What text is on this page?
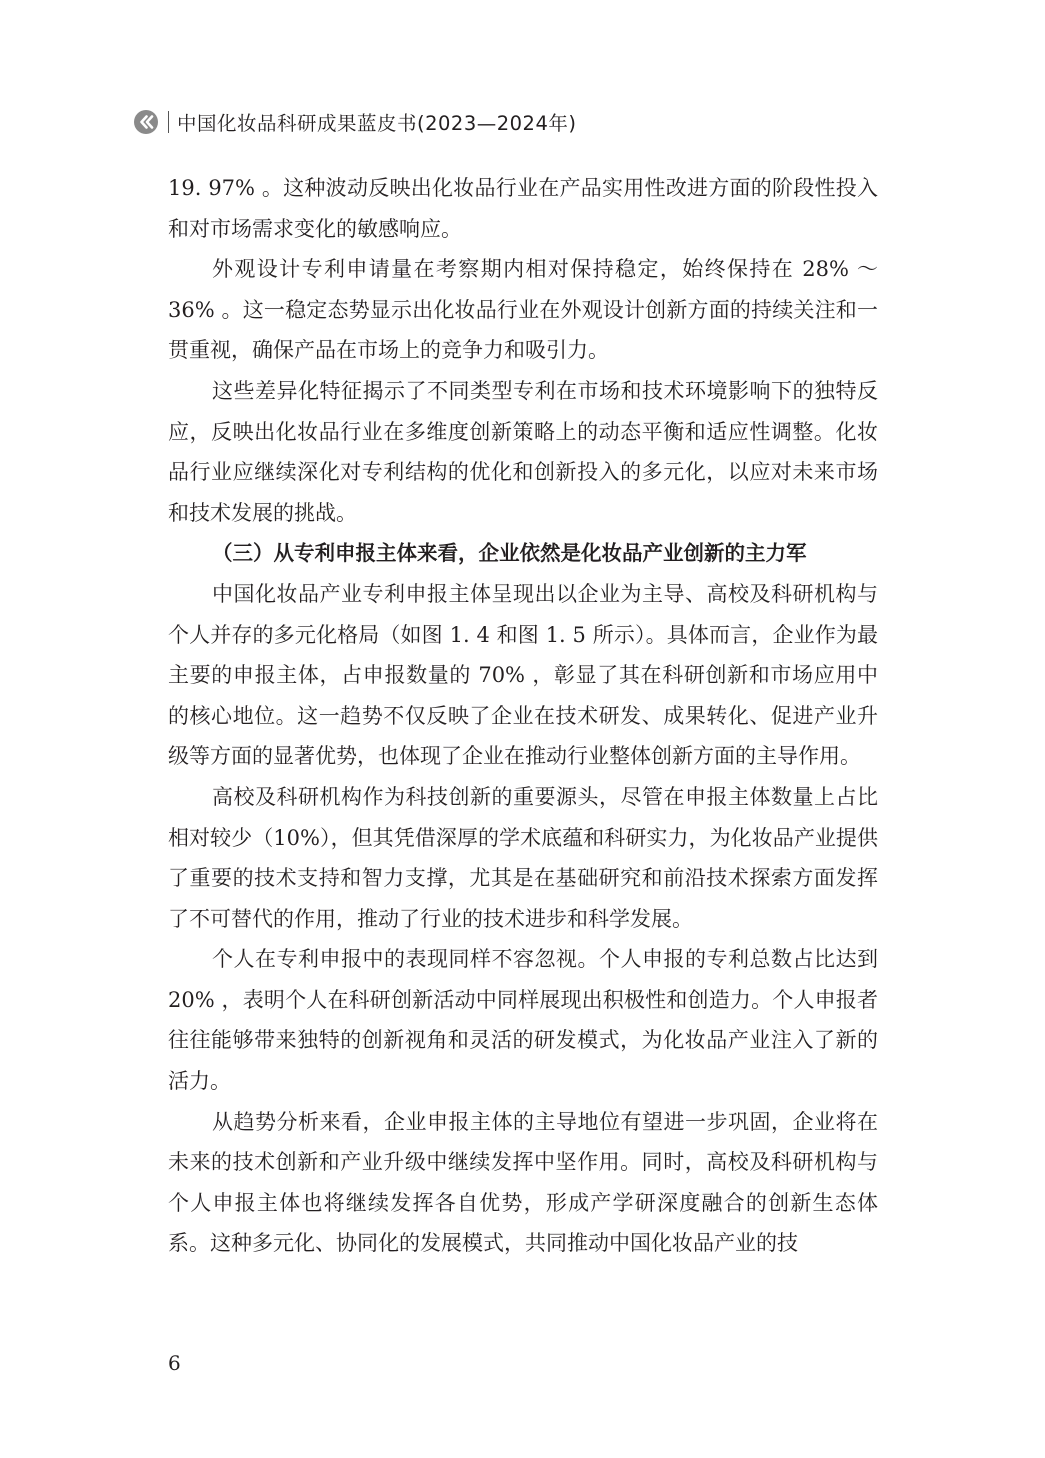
中国化妆品科研成果蓝皮书(2023—2024年)

19. 97% 。这种波动反映出化妆品行业在产品实用性改进方面的阶段性投入和对市场需求变化的敏感响应。

外观设计专利申请量在考察期内相对保持稳定，始终保持在 28% ～ 36% 。这一稳定态势显示出化妆品行业在外观设计创新方面的持续关注和一贯重视，确保产品在市场上的竞争力和吸引力。

这些差异化特征揭示了不同类型专利在市场和技术环境影响下的独特反应，反映出化妆品行业在多维度创新策略上的动态平衡和适应性调整。化妆品行业应继续深化对专利结构的优化和创新投入的多元化，以应对未来市场和技术发展的挑战。

（三）从专利申报主体来看，企业依然是化妆品产业创新的主力军

中国化妆品产业专利申报主体呈现出以企业为主导、高校及科研机构与个人并存的多元化格局（如图 1. 4 和图 1. 5 所示）。具体而言，企业作为最主要的申报主体，占申报数量的 70% ，彰显了其在科研创新和市场应用中的核心地位。这一趋势不仅反映了企业在技术研发、成果转化、促进产业升级等方面的显著优势，也体现了企业在推动行业整体创新方面的主导作用。

高校及科研机构作为科技创新的重要源头，尽管在申报主体数量上占比相对较少（10%），但其凭借深厚的学术底蕴和科研实力，为化妆品产业提供了重要的技术支持和智力支撑，尤其是在基础研究和前沿技术探索方面发挥了不可替代的作用，推动了行业的技术进步和科学发展。

个人在专利申报中的表现同样不容忽视。个人申报的专利总数占比达到 20% ，表明个人在科研创新活动中同样展现出积极性和创造力。个人申报者往往能够带来独特的创新视角和灵活的研发模式，为化妆品产业注入了新的活力。

从趋势分析来看，企业申报主体的主导地位有望进一步巩固，企业将在未来的技术创新和产业升级中继续发挥中坚作用。同时，高校及科研机构与个人申报主体也将继续发挥各自优势，形成产学研深度融合的创新生态体系。这种多元化、协同化的发展模式，共同推动中国化妆品产业的技

6
